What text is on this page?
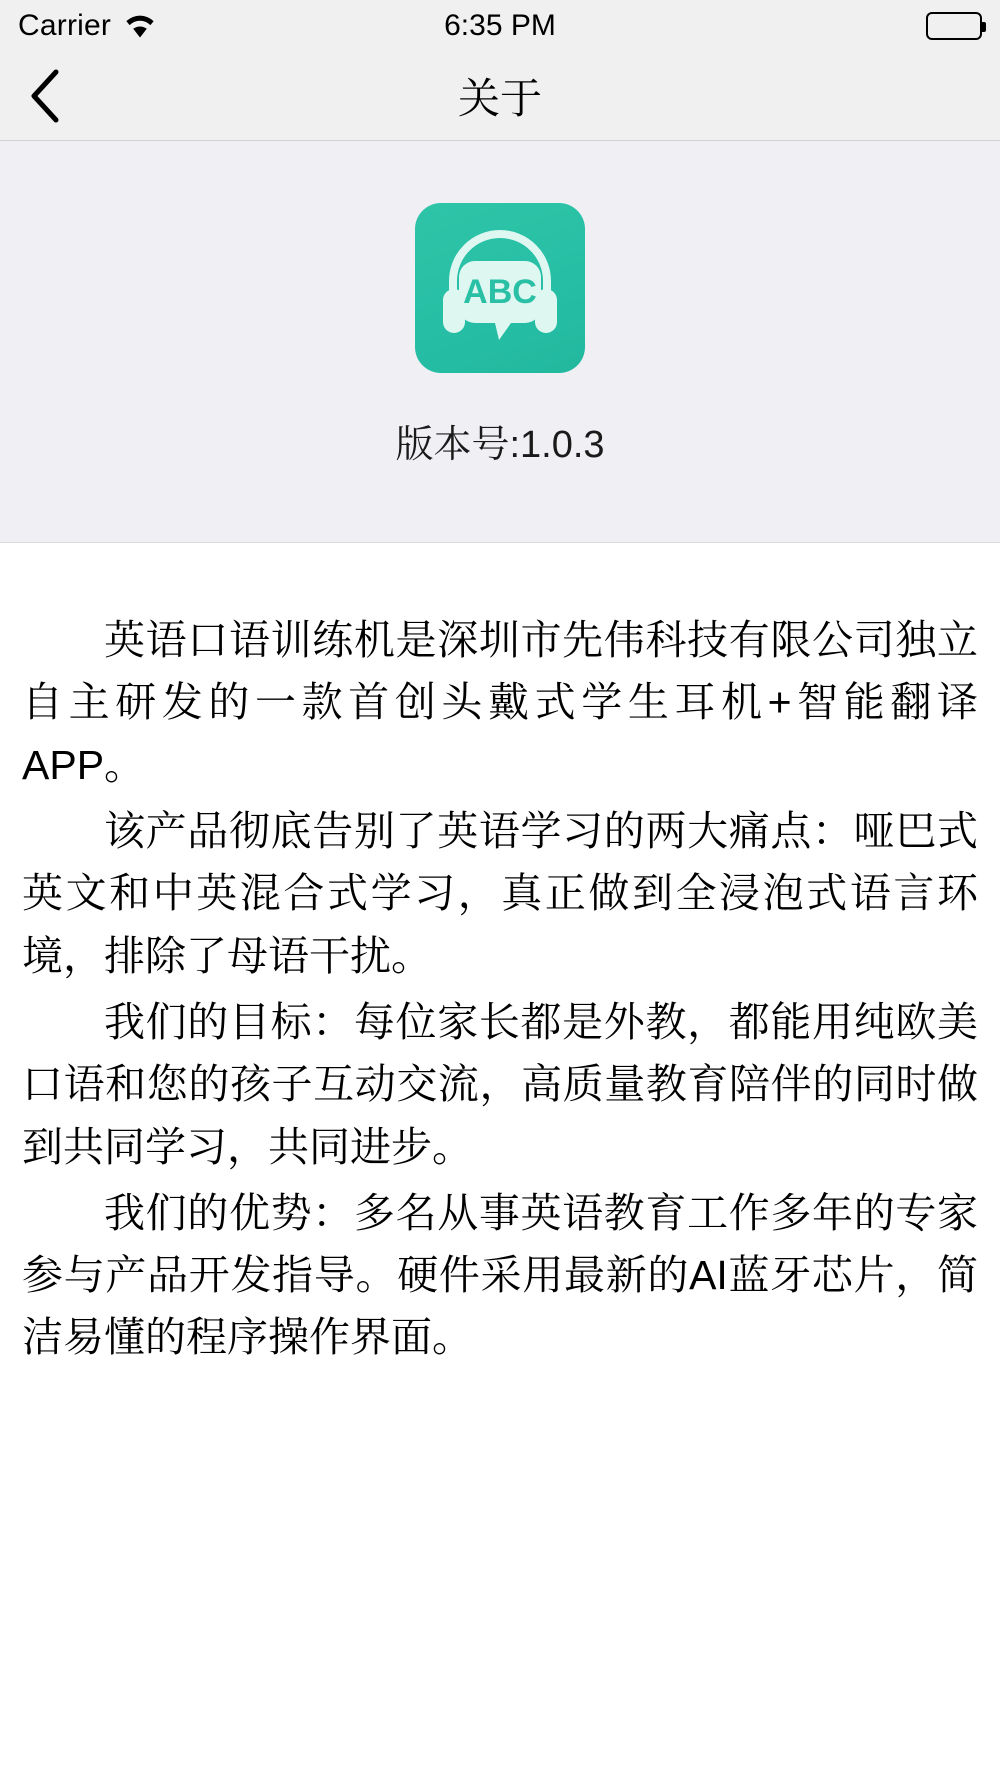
Carrier	6:35 PM
关于
ABC
版本号:1.0.3

英语口语训练机是深圳市先伟科技有限公司独立自主研发的一款首创头戴式学生耳机+智能翻译APP。

该产品彻底告别了英语学习的两大痛点：哑巴式英文和中英混合式学习，真正做到全浸泡式语言环境，排除了母语干扰。

我们的目标：每位家长都是外教，都能用纯欧美口语和您的孩子互动交流，高质量教育陪伴的同时做到共同学习，共同进步。

我们的优势：多名从事英语教育工作多年的专家参与产品开发指导。硬件采用最新的AI蓝牙芯片，简洁易懂的程序操作界面。
